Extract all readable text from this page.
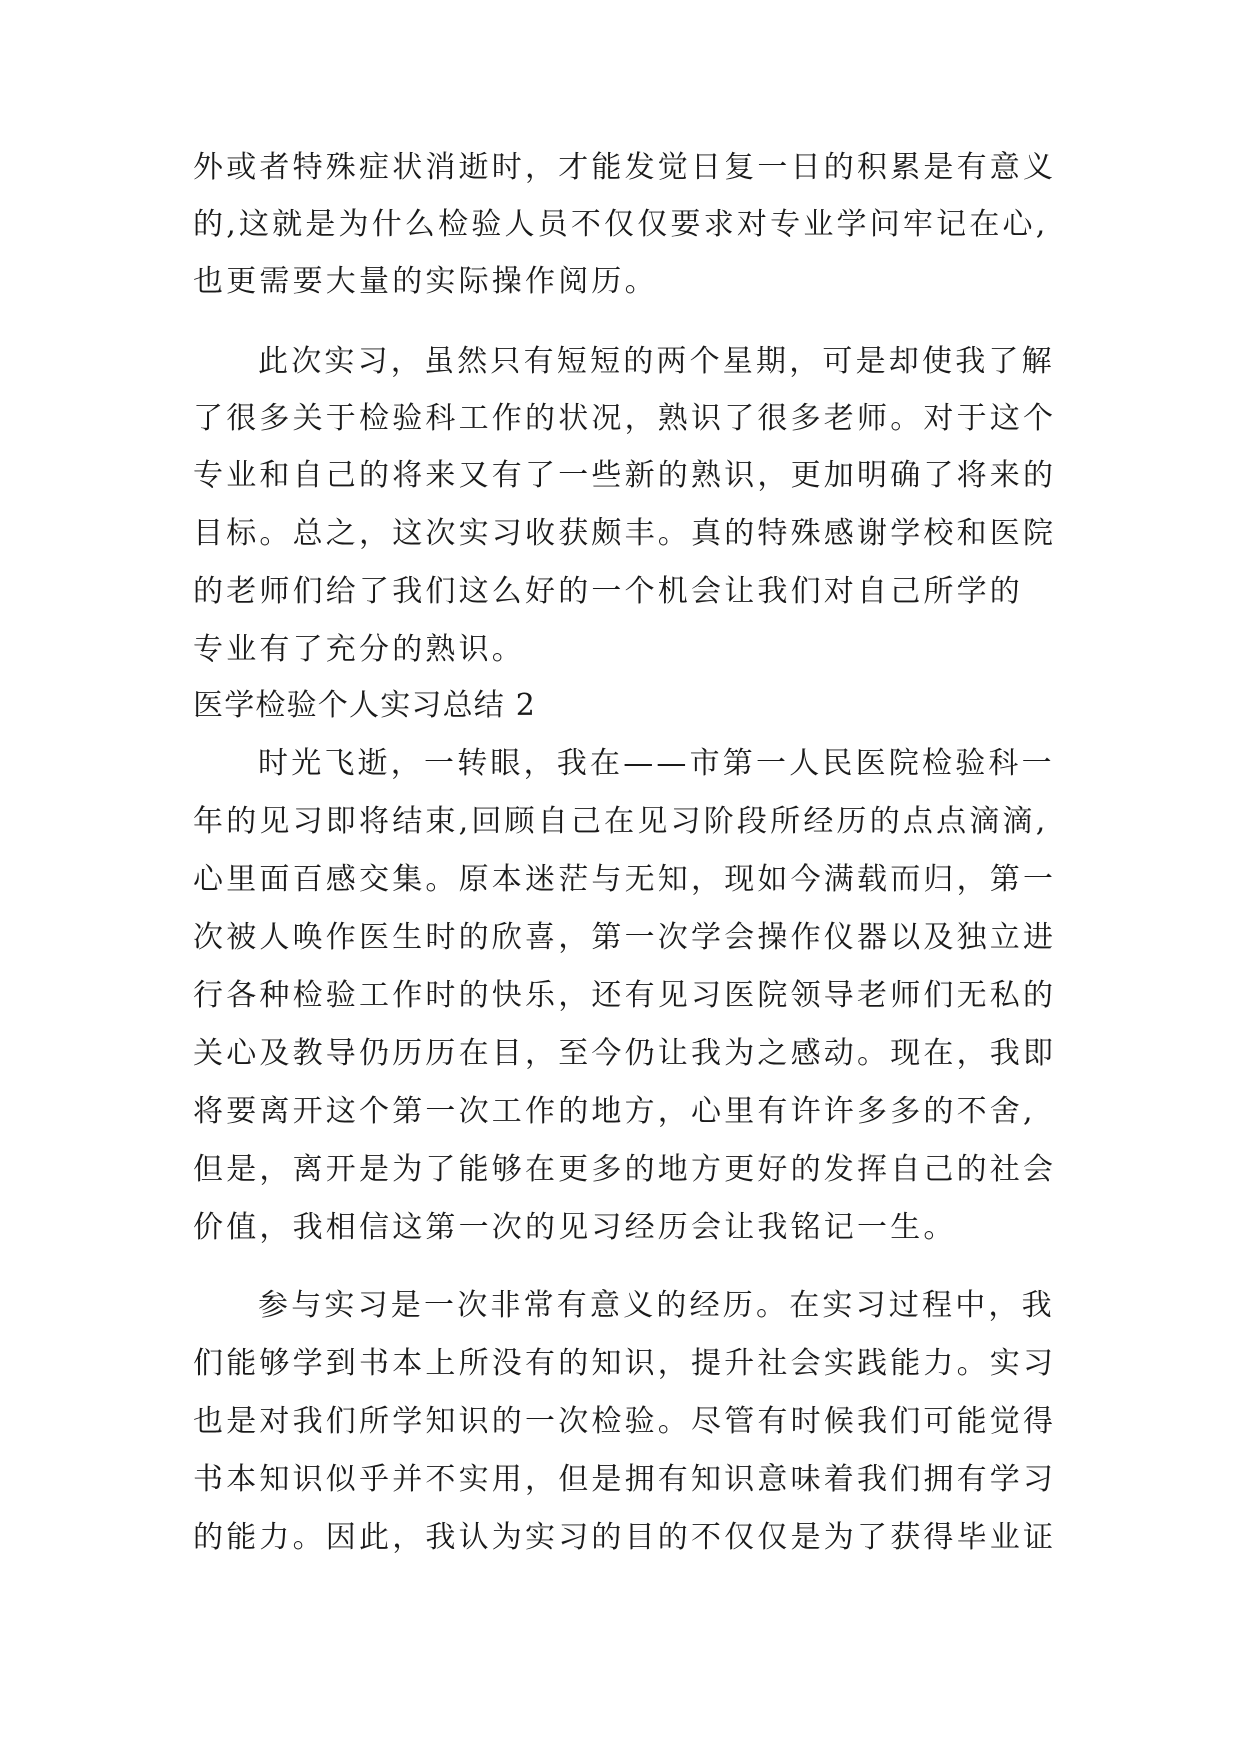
外或者特殊症状消逝时，才能发觉日复一日的积累是有意义
的,这就是为什么检验人员不仅仅要求对专业学问牢记在心,
也更需要大量的实际操作阅历。
此次实习，虽然只有短短的两个星期，可是却使我了解
了很多关于检验科工作的状况，熟识了很多老师。对于这个
专业和自己的将来又有了一些新的熟识，更加明确了将来的
目标。总之，这次实习收获颇丰。真的特殊感谢学校和医院
的老师们给了我们这么好的一个机会让我们对自己所学的
专业有了充分的熟识。
医学检验个人实习总结 2
时光飞逝，一转眼，我在——市第一人民医院检验科一
年的见习即将结束,回顾自己在见习阶段所经历的点点滴滴,
心里面百感交集。原本迷茫与无知，现如今满载而归，第一
次被人唤作医生时的欣喜，第一次学会操作仪器以及独立进
行各种检验工作时的快乐，还有见习医院领导老师们无私的
关心及教导仍历历在目，至今仍让我为之感动。现在，我即
将要离开这个第一次工作的地方，心里有许许多多的不舍,
但是，离开是为了能够在更多的地方更好的发挥自己的社会
价值，我相信这第一次的见习经历会让我铭记一生。
参与实习是一次非常有意义的经历。在实习过程中，我
们能够学到书本上所没有的知识，提升社会实践能力。实习
也是对我们所学知识的一次检验。尽管有时候我们可能觉得
书本知识似乎并不实用，但是拥有知识意味着我们拥有学习
的能力。因此，我认为实习的目的不仅仅是为了获得毕业证
